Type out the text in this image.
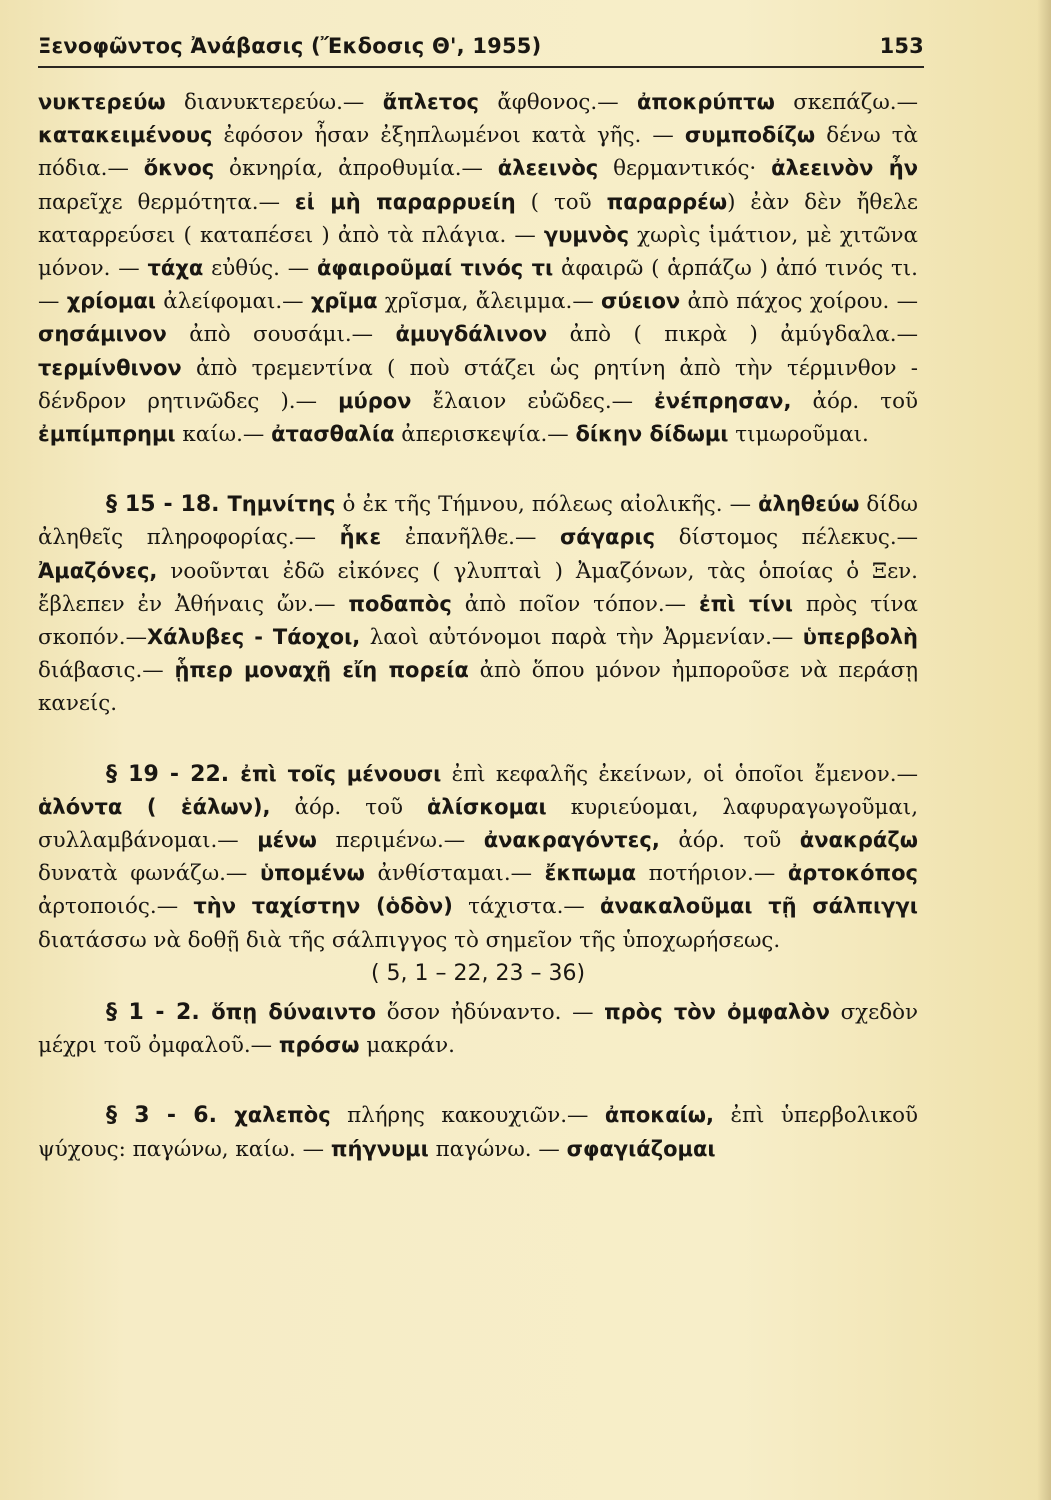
Ξενοφῶντος Ἀνάβασις (Ἔκδοσις Θ', 1955)	153

νυκτερεύω διανυκτερεύω.— ἄπλετος ἄφθονος.— ἀποκρύπτω σκεπάζω.— κατακειμένους ἐφόσον ἦσαν ἐξηπλωμένοι κατὰ γῆς. — συμποδίζω δένω τὰ πόδια.— ὄκνος ὀκνηρία, ἀπροθυμία.— ἀλεεινὸς θερμαντικός· ἀλεεινὸν ἦν παρεῖχε θερμότητα.— εἰ μὴ παραρρυείη ( τοῦ παραρρέω) ἐὰν δὲν ἤθελε καταρρεύσει ( καταπέσει ) ἀπὸ τὰ πλάγια. — γυμνὸς χωρὶς ἱμάτιον, μὲ χιτῶνα μόνον. — τάχα εὐθύς. — ἀφαιροῦμαί τινός τι ἀφαιρῶ ( ἁρπάζω ) ἀπό τινός τι. — χρίομαι ἀλείφομαι.— χρῖμα χρῖσμα, ἄλειμμα.— σύειον ἀπὸ πάχος χοίρου. — σησάμινον ἀπὸ σουσάμι.— ἀμυγδάλινον ἀπὸ ( πικρὰ ) ἀμύγδαλα.— τερμίνθινον ἀπὸ τρεμεντίνα ( ποὺ στάζει ὡς ρητίνη ἀπὸ τὴν τέρμινθον - δένδρον ρητινῶδες ).— μύρον ἔλαιον εὐῶδες.— ἐνέπρησαν, ἀόρ. τοῦ ἐμπίμπρημι καίω.— ἀτασθαλία ἀπερισκεψία.— δίκην δίδωμι τιμωροῦμαι.

§ 15 - 18. Τημνίτης ὁ ἐκ τῆς Τήμνου, πόλεως αἰολικῆς. — ἀληθεύω δίδω ἀληθεῖς πληροφορίας.— ἧκε ἐπανῆλθε.— σάγαρις δίστομος πέλεκυς.— Ἀμαζόνες, νοοῦνται ἐδῶ εἰκόνες ( γλυπταὶ ) Ἀμαζόνων, τὰς ὁποίας ὁ Ξεν. ἔβλεπεν ἐν Ἀθήναις ὤν.— ποδαπὸς ἀπὸ ποῖον τόπον.— ἐπὶ τίνι πρὸς τίνα σκοπόν.—Χάλυβες - Τάοχοι, λαοὶ αὐτόνομοι παρὰ τὴν Ἀρμενίαν.— ὑπερβολὴ διάβασις.— ᾗπερ μοναχῇ εἴη πορεία ἀπὸ ὅπου μόνον ἠμποροῦσε νὰ περάσῃ κανείς.

§ 19 - 22. ἐπὶ τοῖς μένουσι ἐπὶ κεφαλῆς ἐκείνων, οἱ ὁποῖοι ἔμενον.— ἁλόντα ( ἑάλων), ἀόρ. τοῦ ἁλίσκομαι κυριεύομαι, λαφυραγωγοῦμαι, συλλαμβάνομαι.— μένω περιμένω.— ἀνακραγόντες, ἀόρ. τοῦ ἀνακράζω δυνατὰ φωνάζω.— ὑπομένω ἀνθίσταμαι.— ἔκπωμα ποτήριον.— ἀρτοκόπος ἀρτοποιός.— τὴν ταχίστην (ὁδὸν) τάχιστα.— ἀνακαλοῦμαι τῇ σάλπιγγι διατάσσω νὰ δοθῇ διὰ τῆς σάλπιγγος τὸ σημεῖον τῆς ὑποχωρήσεως.

( 5, 1 – 22, 23 – 36)

§ 1 - 2. ὅπῃ δύναιντο ὅσον ἠδύναντο. — πρὸς τὸν ὀμφαλὸν σχεδὸν μέχρι τοῦ ὀμφαλοῦ.— πρόσω μακράν.

§ 3 - 6. χαλεπὸς πλήρης κακουχιῶν.— ἀποκαίω, ἐπὶ ὑπερβολικοῦ ψύχους: παγώνω, καίω. — πήγνυμι παγώνω. — σφαγιάζομαι
